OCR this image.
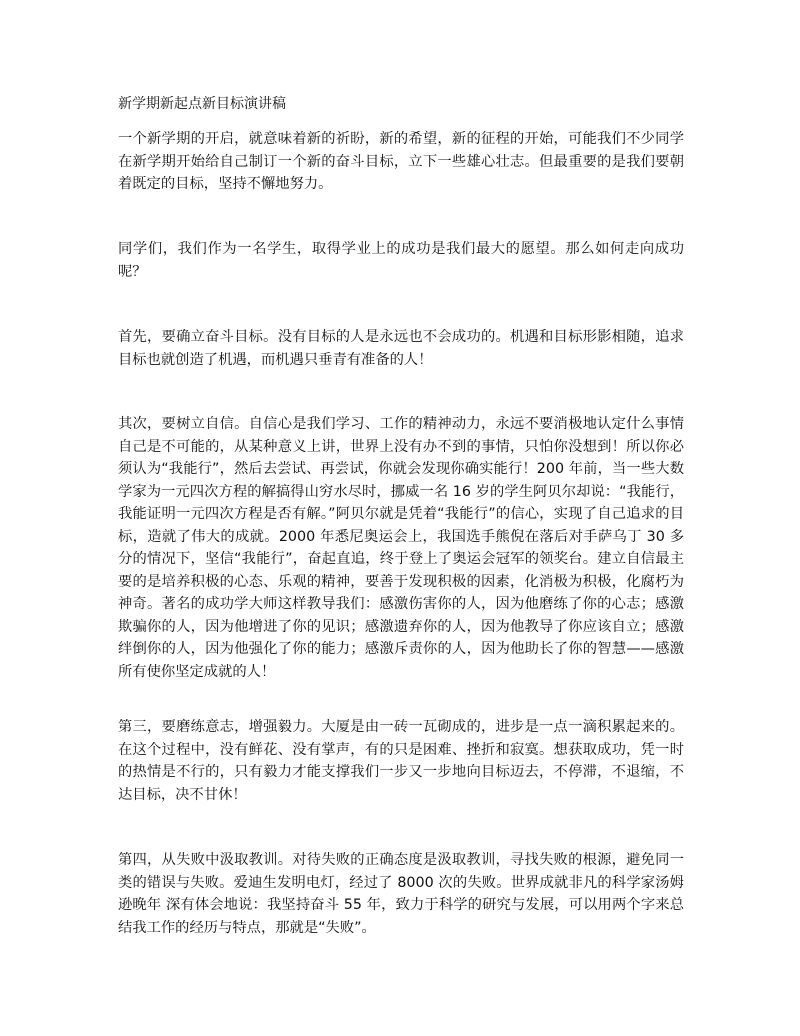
新学期新起点新目标演讲稿

一个新学期的开启，就意味着新的祈盼，新的希望，新的征程的开始，可能我们不少同学在新学期开始给自己制订一个新的奋斗目标，立下一些雄心壮志。但最重要的是我们要朝着既定的目标，坚持不懈地努力。

同学们，我们作为一名学生，取得学业上的成功是我们最大的愿望。那么如何走向成功呢？

首先，要确立奋斗目标。没有目标的人是永远也不会成功的。机遇和目标形影相随，追求目标也就创造了机遇，而机遇只垂青有准备的人！

其次，要树立自信。自信心是我们学习、工作的精神动力，永远不要消极地认定什么事情自己是不可能的，从某种意义上讲，世界上没有办不到的事情，只怕你没想到！所以你必须认为“我能行”，然后去尝试、再尝试，你就会发现你确实能行！200 年前，当一些大数学家为一元四次方程的解搞得山穷水尽时，挪威一名 16 岁的学生阿贝尔却说：“我能行，我能证明一元四次方程是否有解。”阿贝尔就是凭着“我能行”的信心，实现了自己追求的目标，造就了伟大的成就。2000 年悉尼奥运会上，我国选手熊倪在落后对手萨乌丁 30 多分的情况下，坚信“我能行”，奋起直追，终于登上了奥运会冠军的领奖台。建立自信最主要的是培养积极的心态、乐观的精神，要善于发现积极的因素，化消极为积极，化腐朽为神奇。著名的成功学大师这样教导我们：感激伤害你的人，因为他磨练了你的心志；感激欺骗你的人，因为他增进了你的见识；感激遗弃你的人，因为他教导了你应该自立；感激绊倒你的人，因为他强化了你的能力；感激斥责你的人，因为他助长了你的智慧——感激所有使你坚定成就的人！

第三，要磨练意志，增强毅力。大厦是由一砖一瓦砌成的，进步是一点一滴积累起来的。在这个过程中，没有鲜花、没有掌声，有的只是困难、挫折和寂寞。想获取成功，凭一时的热情是不行的，只有毅力才能支撑我们一步又一步地向目标迈去，不停滞，不退缩，不达目标，决不甘休！

第四，从失败中汲取教训。对待失败的正确态度是汲取教训，寻找失败的根源，避免同一类的错误与失败。爱迪生发明电灯，经过了 8000 次的失败。世界成就非凡的科学家汤姆逊晚年 深有体会地说：我坚持奋斗 55 年，致力于科学的研究与发展，可以用两个字来总结我工作的经历与特点，那就是“失败”。
